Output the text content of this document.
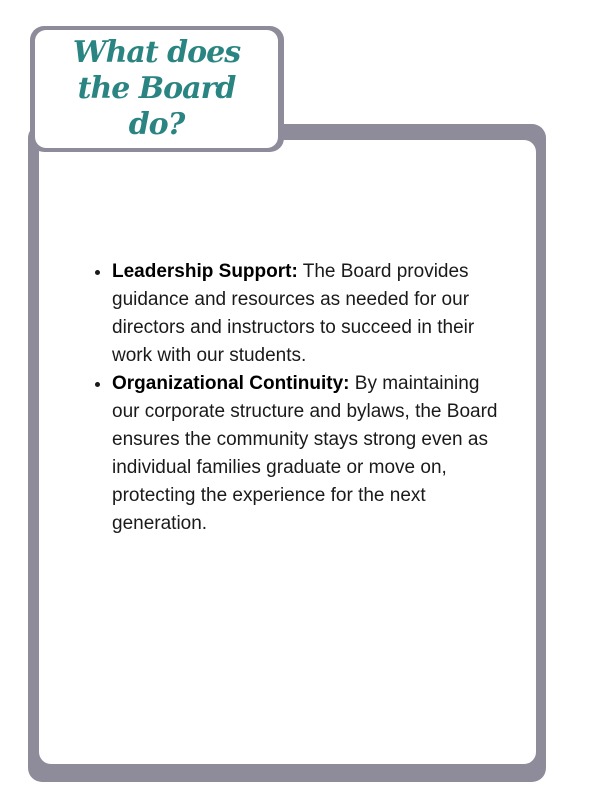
What does the Board do?
• Leadership Support: The Board provides guidance and resources as needed for our directors and instructors to succeed in their work with our students.
• Organizational Continuity: By maintaining our corporate structure and bylaws, the Board ensures the community stays strong even as individual families graduate or move on, protecting the experience for the next generation.
